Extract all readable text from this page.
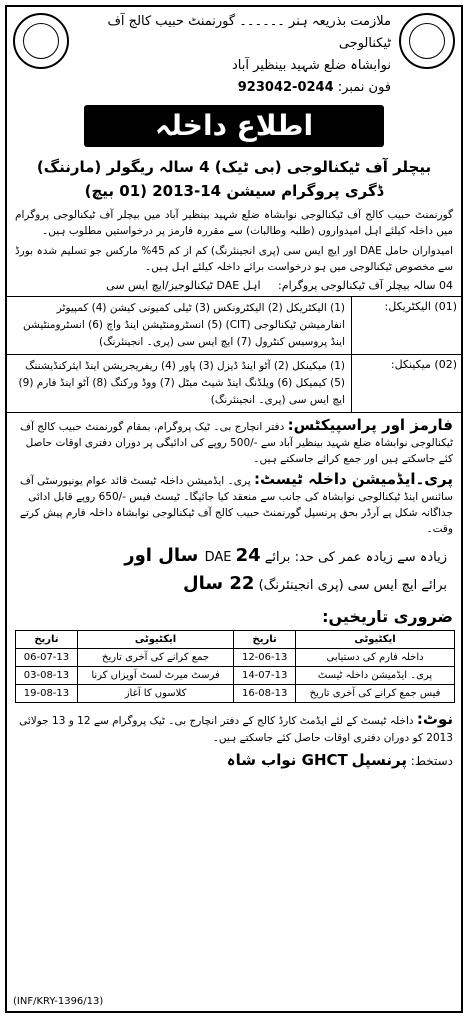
ملازمت بذریعہ ہنر ۔۔۔۔۔۔ گورنمنٹ حبیب کالج آف ٹیکنالوجی
نوابشاہ ضلع شہید بینظیر آباد
فون نمبر: 0244-923042
اطلاع داخلہ
بیچلر آف ٹیکنالوجی (بی ٹیک) 4 سالہ ریگولر (مارننگ)
ڈگری پروگرام سیشن 14-2013 (01 بیچ)
گورنمنٹ حبیب کالج آف ٹیکنالوجی نوابشاہ ضلع شہید بینظیر آباد میں بیچلر آف ٹیکنالوجی پروگرام میں داخلہ کیلئے اہل امیدواروں (طلبہ وطالبات) سے مقررہ فارمز پر درخواستیں مطلوب ہیں۔
امیدواران حامل DAE اور ایچ ایس سی (پری انجینئرنگ) کم از کم 45% مارکس جو تسلیم شدہ بورڈ سے مخصوص ٹیکنالوجی میں ہو درخواست برائے داخلہ کیلئے اہل ہیں۔
04 سالہ بیچلر آف ٹیکنالوجی پروگرام:     اہل DAE ٹیکنالوجیز/ایچ ایس سی
(01) الیکٹریکل:
(1) الیکٹریکل (2) الیکٹرونکس (3) ٹیلی کمیونی کیشن (4) کمپیوٹر انفارمیشن ٹیکنالوجی (CIT) (5) انسٹرومنٹیشن اینڈ واچ (6) انسٹرومنٹیشن اینڈ پروسیس کنٹرول (7) ایچ ایس سی (پری۔ انجینئرنگ)
(02) میکینکل:
(1) میکینکل (2) آٹو اینڈ ڈیزل (3) پاور (4) ریفریجریشن اینڈ ایئرکنڈیشننگ (5) کیمیکل (6) ویلڈنگ اینڈ شیٹ میٹل (7) ووڈ ورکنگ (8) آٹو اینڈ فارم (9) ایچ ایس سی (پری۔ انجینئرنگ)
فارمز اور پراسپیکٹس: دفتر انچارج بی۔ ٹیک پروگرام، بمقام گورنمنٹ حبیب کالج آف ٹیکنالوجی نوابشاہ ضلع شہید بینظیر آباد سے -/500 روپے کی ادائیگی پر دوران دفتری اوقات حاصل کئے جاسکتے ہیں اور جمع کرائے جاسکتے ہیں۔
پری۔ایڈمیشن داخلہ ٹیسٹ: پری۔ ایڈمیشن داخلہ ٹیسٹ قائد عوام یونیورسٹی آف سائنس اینڈ ٹیکنالوجی نوابشاہ کی جانب سے منعقد کیا جائیگا۔ ٹیسٹ فیس -/650 روپے قابل ادائی جداگانہ شکل پے آرڈر بحق پرنسپل گورنمنٹ حبیب کالج آف ٹیکنالوجی نوابشاہ داخلہ فارم پیش کرتے وقت۔
زیادہ سے زیادہ عمر کی حد: برائے DAE 24 سال اور
برائے ایچ ایس سی (پری انجینئرنگ) 22 سال
ضروری تاریخیں:
ایکٹیوٹی	تاریخ	ایکٹیوٹی	تاریخ
داخلہ فارم کی دستیابی	12-06-13	جمع کرانے کی آخری تاریخ	06-07-13
پری۔ ایڈمیشن داخلہ ٹیسٹ	14-07-13	فرسٹ میرٹ لسٹ آویزاں کرنا	03-08-13
فیس جمع کرانے کی آخری تاریخ	16-08-13	کلاسوں کا آغاز	19-08-13
نوٹ: داخلہ ٹیسٹ کے لئے ایڈمٹ کارڈ کالج کے دفتر انچارج بی۔ ٹیک پروگرام سے 12 و 13 جولائی 2013 کو دوران دفتری اوقات حاصل کئے جاسکتے ہیں۔
دستخط: پرنسپل GHCT نواب شاہ
(INF/KRY-1396/13)
